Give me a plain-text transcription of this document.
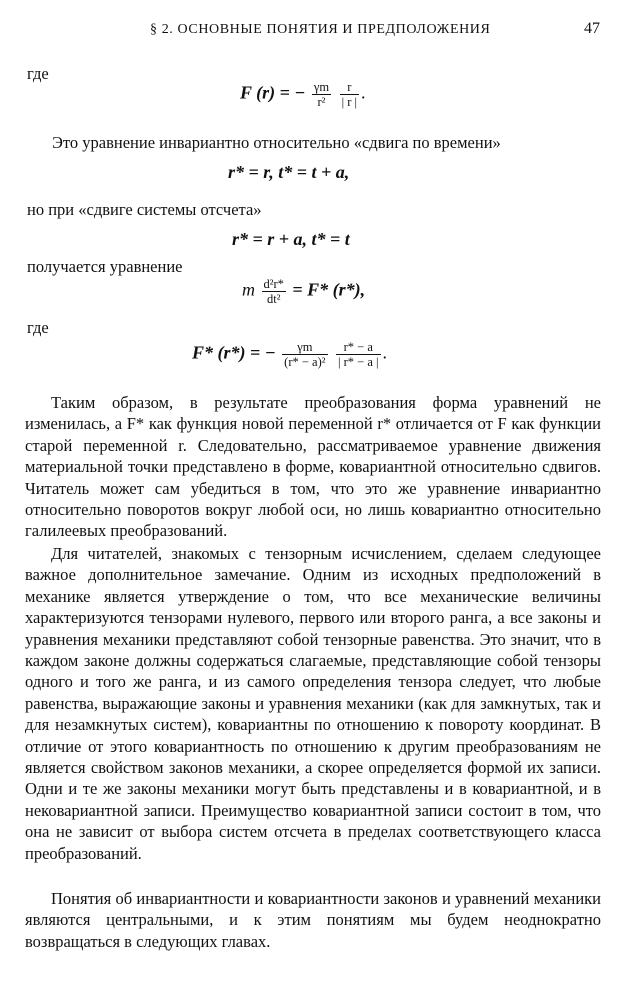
§ 2. ОСНОВНЫЕ ПОНЯТИЯ И ПРЕДПОЛОЖЕНИЯ	47
где
F (r) = − $\frac{\gamma m}{\text{r²}}$
$\frac{r}{| r |}$ .
Это уравнение инвариантно относительно «сдвига по времени»
r* = r, t* = t + a,
но при «сдвиге системы отсчета»
r* = r + a, t* = t
получается уравнение
m $\frac{\text{d²r*}}{\text{dt²}} = F*$ (r*),
где
F* (r*) = − $\frac{\gamma m}{\text{(r* − a)²}}$
$\frac{r* - a}{| r* - a |}$ .
Таким образом, в результате преобразования форма уравнений не изменилась, а F* как функция новой переменной r* отличается от F как функции старой переменной r. Следовательно, рассматриваемое уравнение движения материальной точки представлено в форме, ковариантной относительно сдвигов. Читатель может сам убедиться в том, что это же уравнение инвариантно относительно поворотов вокруг любой оси, но лишь ковариантно относительно галилеевых преобразований.
Для читателей, знакомых с тензорным исчислением, сделаем следующее важное дополнительное замечание. Одним из исходных предположений в механике является утверждение о том, что все механические величины характеризуются тензорами нулевого, первого или второго ранга, а все законы и уравнения механики представляют собой тензорные равенства. Это значит, что в каждом законе должны содержаться слагаемые, представляющие собой тензоры одного и того же ранга, и из самого определения тензора следует, что любые равенства, выражающие законы и уравнения механики (как для замкнутых, так и для незамкнутых систем), ковариантны по отношению к повороту координат. В отличие от этого ковариантность по отношению к другим преобразованиям не является свойством законов механики, а скорее определяется формой их записи. Одни и те же законы механики могут быть представлены и в ковариантной, и в нековариантной записи. Преимущество ковариантной записи состоит в том, что она не зависит от выбора систем отсчета в пределах соответствующего класса преобразований.
Понятия об инвариантности и ковариантности законов и уравнений механики являются центральными, и к этим понятиям мы будем неоднократно возвращаться в следующих главах.
